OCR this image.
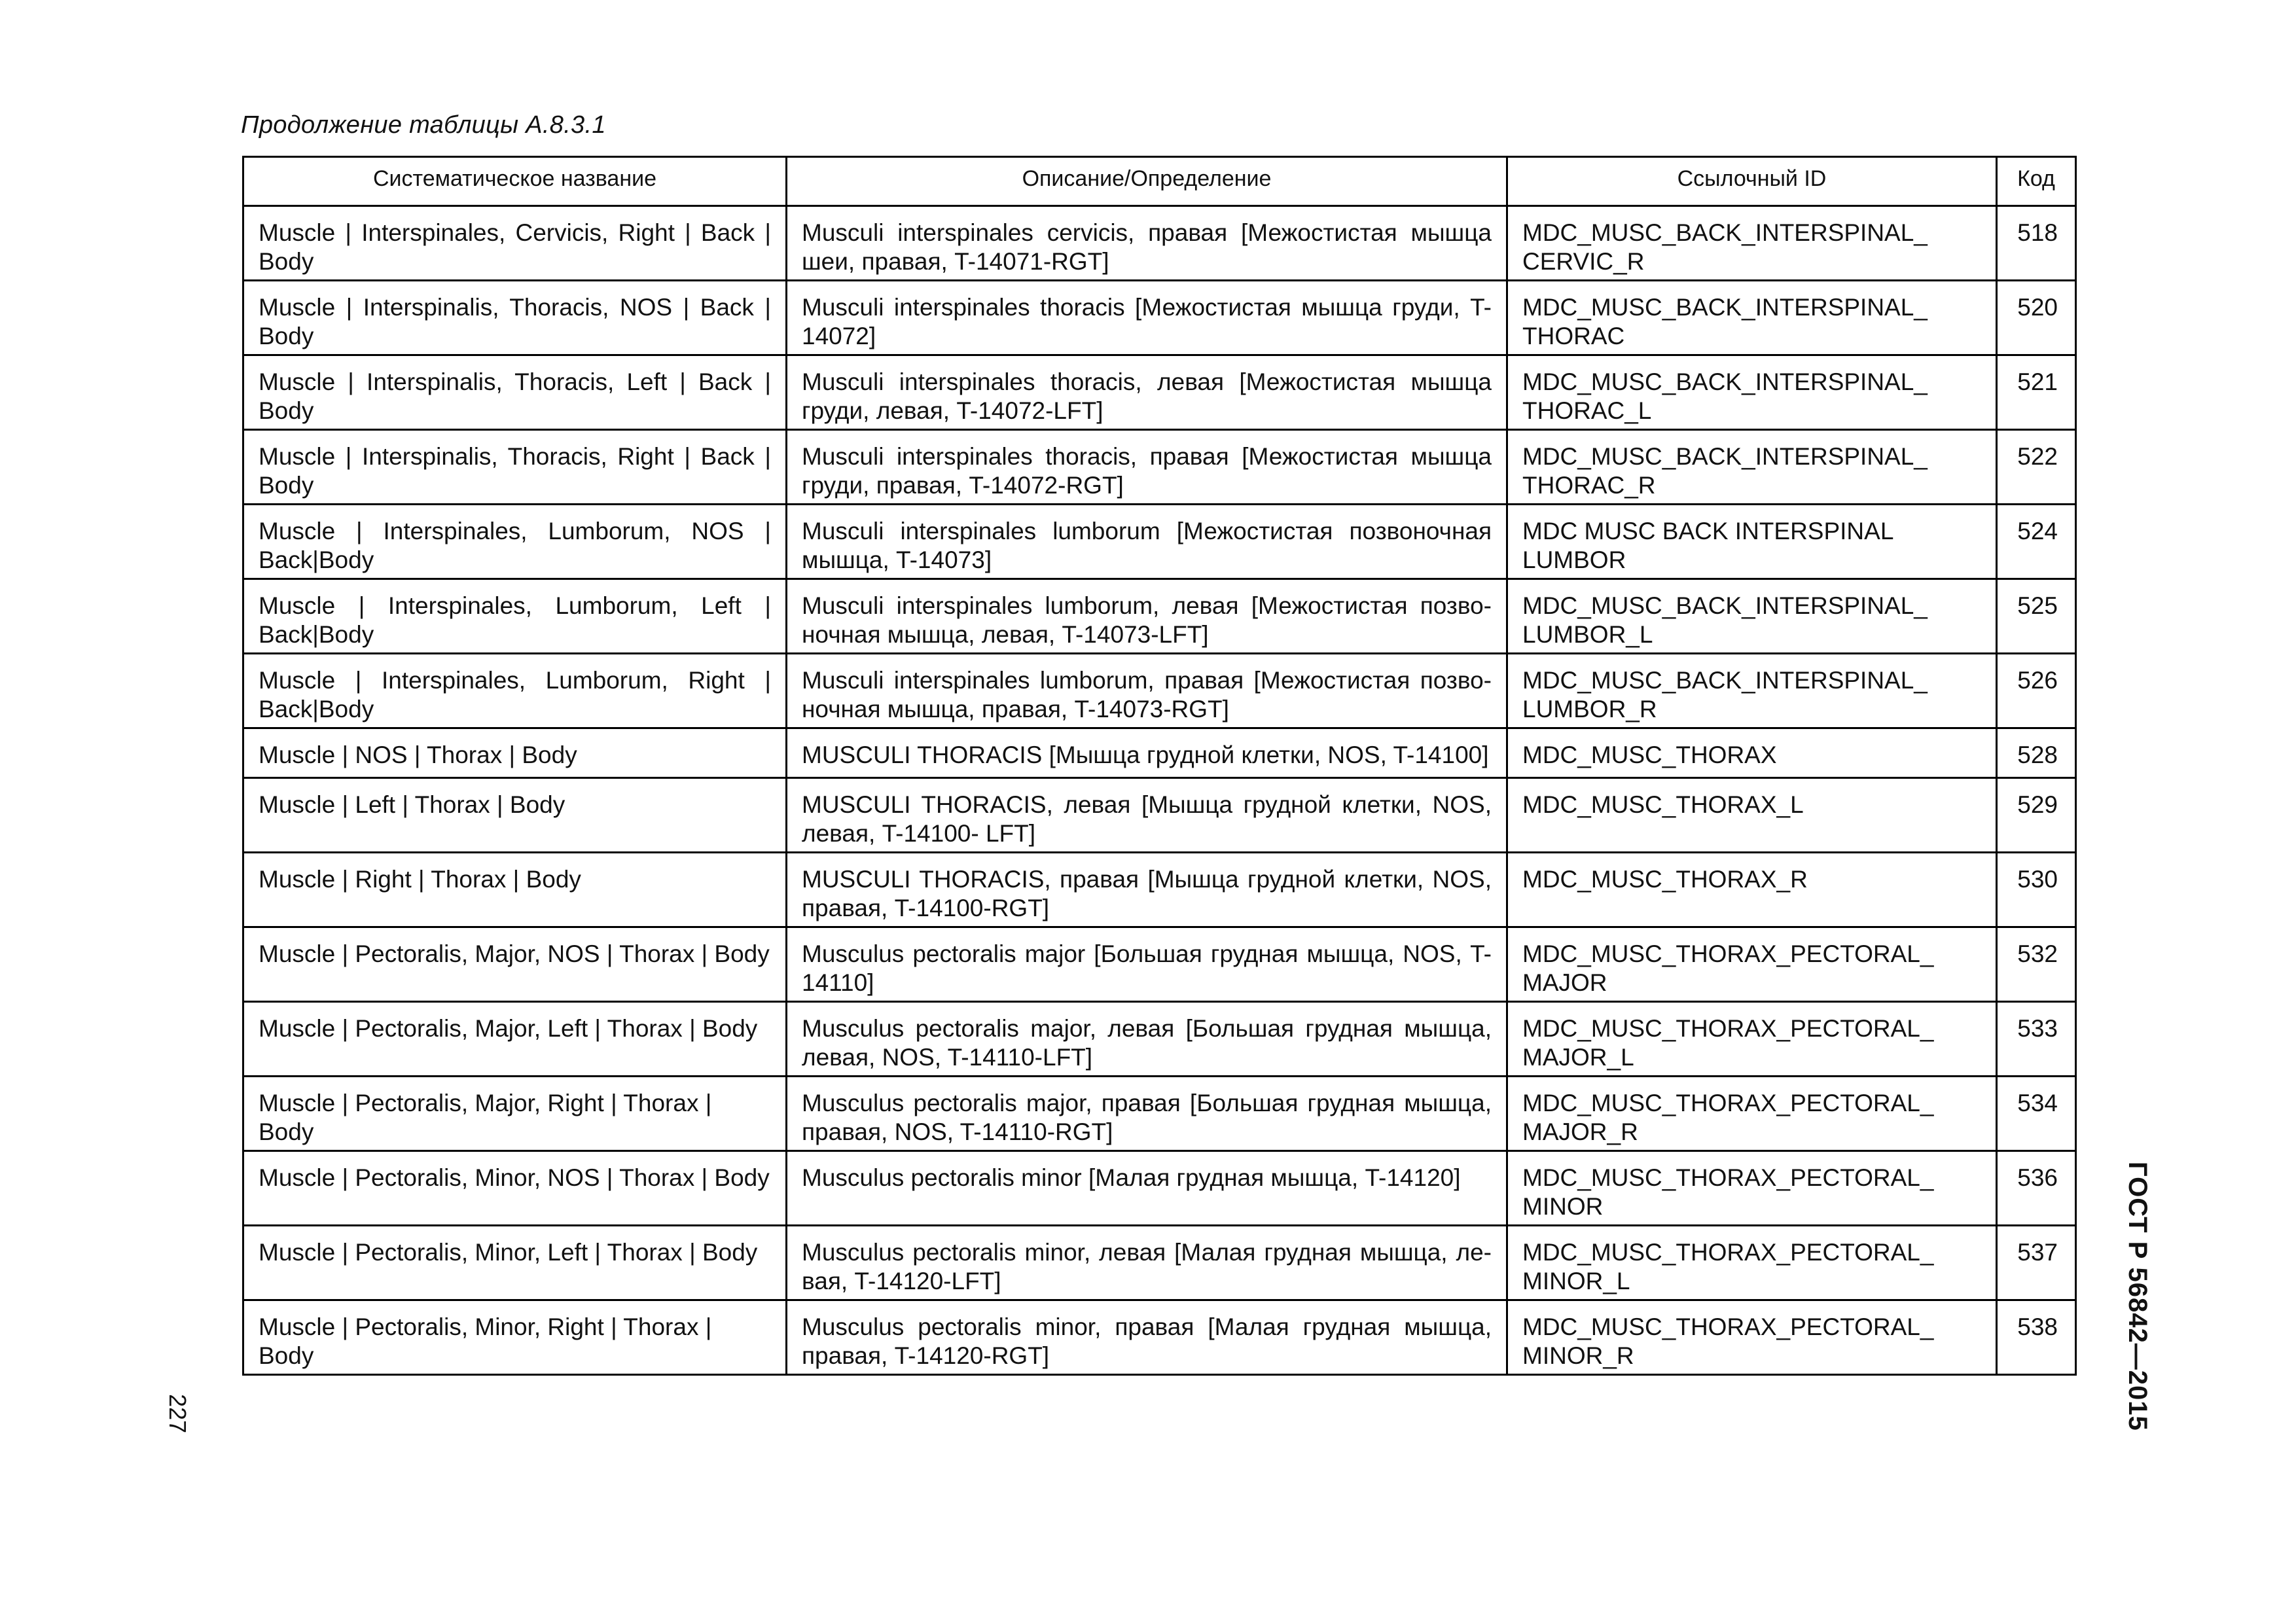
Продолжение таблицы А.8.3.1
Систематическое название	Описание/Определение	Ссылочный ID	Код

Muscle | Interspinales, Cervicis, Right | Back | Body	Musculi interspinales cervicis, правая [Межостистая мышца шеи, правая, T-14071-RGT]	MDC_MUSC_BACK_INTERSPINAL_ CERVIC_R	518
Muscle | Interspinalis, Thoracis, NOS | Back | Body	Musculi interspinales thoracis [Межостистая мышца груди, T-14072]	MDC_MUSC_BACK_INTERSPINAL_ THORAC	520
Muscle | Interspinalis, Thoracis, Left | Back | Body	Musculi interspinales thoracis, левая [Межостистая мышца груди, левая, T-14072-LFT]	MDC_MUSC_BACK_INTERSPINAL_ THORAC_L	521
Muscle | Interspinalis, Thoracis, Right | Back | Body	Musculi interspinales thoracis, правая [Межостистая мышца груди, правая, T-14072-RGT]	MDC_MUSC_BACK_INTERSPINAL_ THORAC_R	522
Muscle | Interspinales, Lumborum, NOS | Back|Body	Musculi interspinales lumborum [Межостистая позвоночная мышца, T-14073]	MDC MUSC BACK INTERSPINAL LUMBOR	524
Muscle | Interspinales, Lumborum, Left | Back|Body	Musculi interspinales lumborum, левая [Межостистая позво-ночная мышца, левая, T-14073-LFT]	MDC_MUSC_BACK_INTERSPINAL_ LUMBOR_L	525
Muscle | Interspinales, Lumborum, Right | Back|Body	Musculi interspinales lumborum, правая [Межостистая позво-ночная мышца, правая, T-14073-RGT]	MDC_MUSC_BACK_INTERSPINAL_ LUMBOR_R	526
Muscle | NOS | Thorax | Body	MUSCULI THORACIS [Мышца грудной клетки, NOS, T-14100]	MDC_MUSC_THORAX	528
Muscle | Left | Thorax | Body	MUSCULI THORACIS, левая [Мышца грудной клетки, NOS, левая, T-14100- LFT]	MDC_MUSC_THORAX_L	529
Muscle | Right | Thorax | Body	MUSCULI THORACIS, правая [Мышца грудной клетки, NOS, правая, T-14100-RGT]	MDC_MUSC_THORAX_R	530
Muscle | Pectoralis, Major, NOS | Thorax | Body	Musculus pectoralis major [Большая грудная мышца, NOS, T-14110]	MDC_MUSC_THORAX_PECTORAL_ MAJOR	532
Muscle | Pectoralis, Major, Left | Thorax | Body	Musculus pectoralis major, левая [Большая грудная мышца, левая, NOS, T-14110-LFT]	MDC_MUSC_THORAX_PECTORAL_ MAJOR_L	533
Muscle | Pectoralis, Major, Right | Thorax | Body	Musculus pectoralis major, правая [Большая грудная мышца, правая, NOS, T-14110-RGT]	MDC_MUSC_THORAX_PECTORAL_ MAJOR_R	534
Muscle | Pectoralis, Minor, NOS | Thorax | Body	Musculus pectoralis minor [Малая грудная мышца, T-14120]	MDC_MUSC_THORAX_PECTORAL_ MINOR	536
Muscle | Pectoralis, Minor, Left | Thorax | Body	Musculus pectoralis minor, левая [Малая грудная мышца, ле-вая, T-14120-LFT]	MDC_MUSC_THORAX_PECTORAL_ MINOR_L	537
Muscle | Pectoralis, Minor, Right | Thorax | Body	Musculus pectoralis minor, правая [Малая грудная мышца, правая, T-14120-RGT]	MDC_MUSC_THORAX_PECTORAL_ MINOR_R	538
227	ГОСТ Р 56842—2015
